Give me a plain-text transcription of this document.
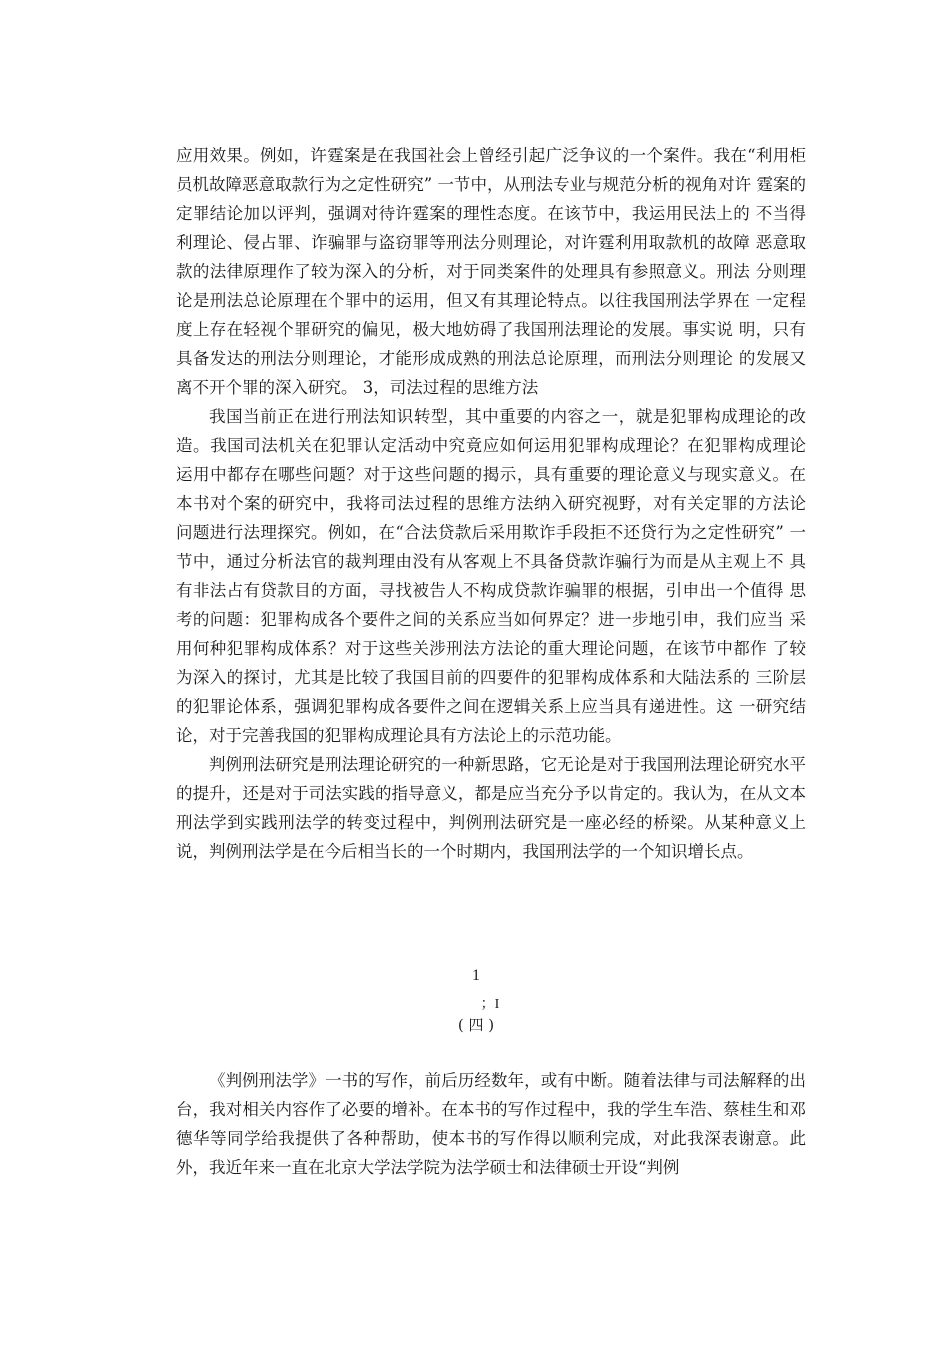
应用效果。例如，许霆案是在我国社会上曾经引起广泛争议的一个案件。我在“利用柜员机故障恶意取款行为之定性研究” 一节中，从刑法专业与规范分析的视角对许 霆案的定罪结论加以评判，强调对待许霆案的理性态度。在该节中，我运用民法上的 不当得利理论、侵占罪、诈骗罪与盗窃罪等刑法分则理论，对许霆利用取款机的故障 恶意取款的法律原理作了较为深入的分析，对于同类案件的处理具有参照意义。刑法 分则理论是刑法总论原理在个罪中的运用，但又有其理论特点。以往我国刑法学界在 一定程度上存在轻视个罪研究的偏见，极大地妨碍了我国刑法理论的发展。事实说 明，只有具备发达的刑法分则理论，才能形成成熟的刑法总论原理，而刑法分则理论 的发展又离不开个罪的深入研究。 3，司法过程的思维方法

我国当前正在进行刑法知识转型，其中重要的内容之一，就是犯罪构成理论的改 造。我国司法机关在犯罪认定活动中究竟应如何运用犯罪构成理论？在犯罪构成理论 运用中都存在哪些问题？对于这些问题的揭示，具有重要的理论意义与现实意义。在 本书对个案的研究中，我将司法过程的思维方法纳入研究视野，对有关定罪的方法论 问题进行法理探究。例如，在“合法贷款后采用欺诈手段拒不还贷行为之定性研究” 一节中，通过分析法官的裁判理由没有从客观上不具备贷款诈骗行为而是从主观上不 具有非法占有贷款目的方面，寻找被告人不构成贷款诈骗罪的根据，引申出一个值得 思考的问题：犯罪构成各个要件之间的关系应当如何界定？进一步地引申，我们应当 采用何种犯罪构成体系？对于这些关涉刑法方法论的重大理论问题，在该节中都作 了较为深入的探讨，尤其是比较了我国目前的四要件的犯罪构成体系和大陆法系的 三阶层的犯罪论体系，强调犯罪构成各要件之间在逻辑关系上应当具有递进性。这 一研究结论，对于完善我国的犯罪构成理论具有方法论上的示范功能。

判例刑法研究是刑法理论研究的一种新思路，它无论是对于我国刑法理论研究水平的提升，还是对于司法实践的指导意义，都是应当充分予以肯定的。我认为，在从文本刑法学到实践刑法学的转变过程中，判例刑法研究是一座必经的桥梁。从某种意义上说，判例刑法学是在今后相当长的一个时期内，我国刑法学的一个知识增长点。

1
；I
( 四 )

《判例刑法学》一书的写作，前后历经数年，或有中断。随着法律与司法解释的出台，我对相关内容作了必要的增补。在本书的写作过程中，我的学生车浩、蔡桂生和邓德华等同学给我提供了各种帮助，使本书的写作得以顺利完成，对此我深表谢意。此外，我近年来一直在北京大学法学院为法学硕士和法律硕士开设“判例
